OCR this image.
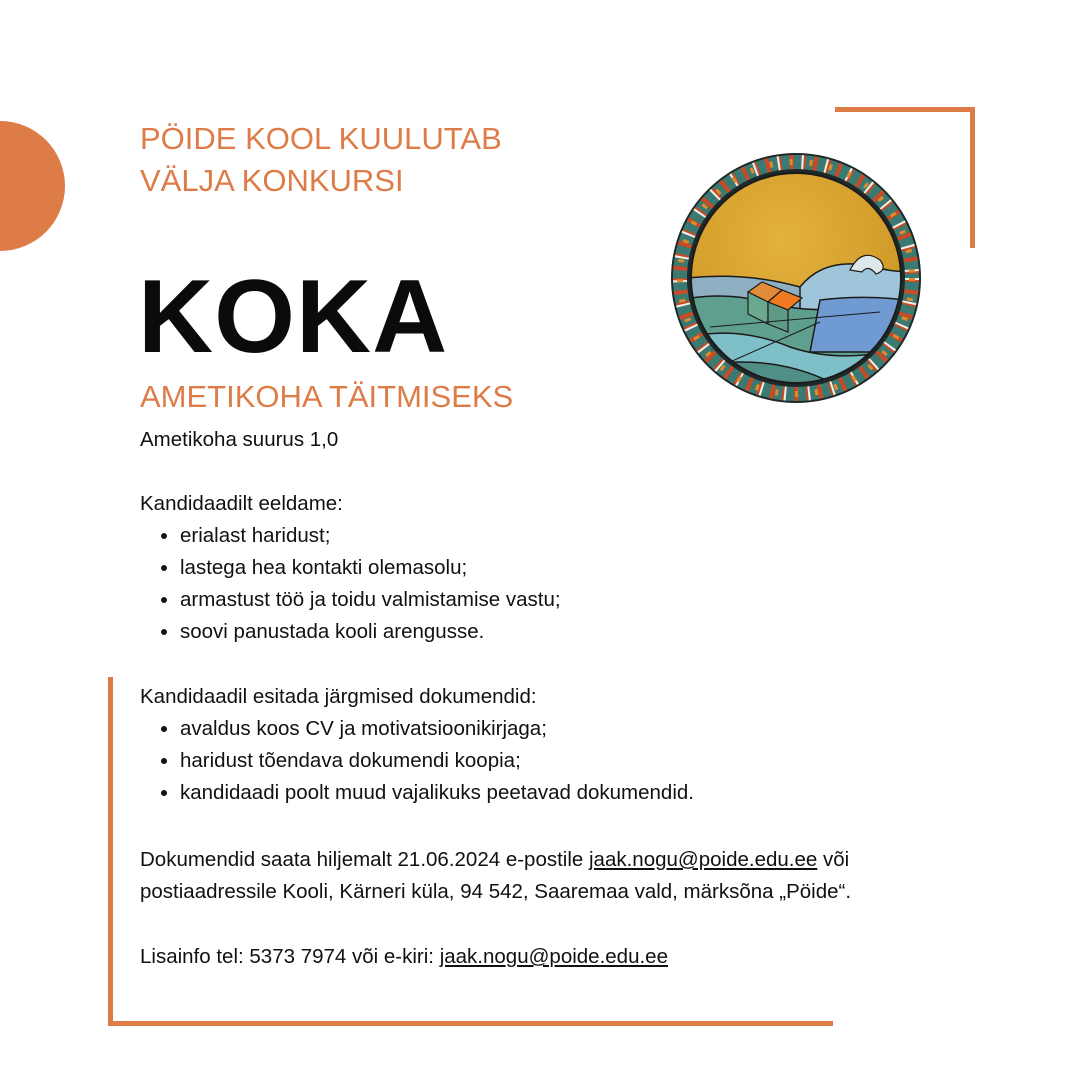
PÖIDE KOOL KUULUTAB
VÄLJA KONKURSI
KOKA
AMETIKOHA TÄITMISEKS

Ametikoha suurus 1,0

Kandidaadilt eeldame:

• erialast haridust;
• lastega hea kontakti olemasolu;
• armastust töö ja toidu valmistamise vastu;
• soovi panustada kooli arengusse.

Kandidaadil esitada järgmised dokumendid:

• avaldus koos CV ja motivatsioonikirjaga;
• haridust tõendava dokumendi koopia;
• kandidaadi poolt muud vajalikuks peetavad dokumendid.

Dokumendid saata hiljemalt 21.06.2024 e-postile jaak.nogu@poide.edu.ee või postiaadressile Kooli, Kärneri küla, 94 542, Saaremaa vald, märksõna „Pöide“.

Lisainfo tel: 5373 7974 või e-kiri: jaak.nogu@poide.edu.ee
